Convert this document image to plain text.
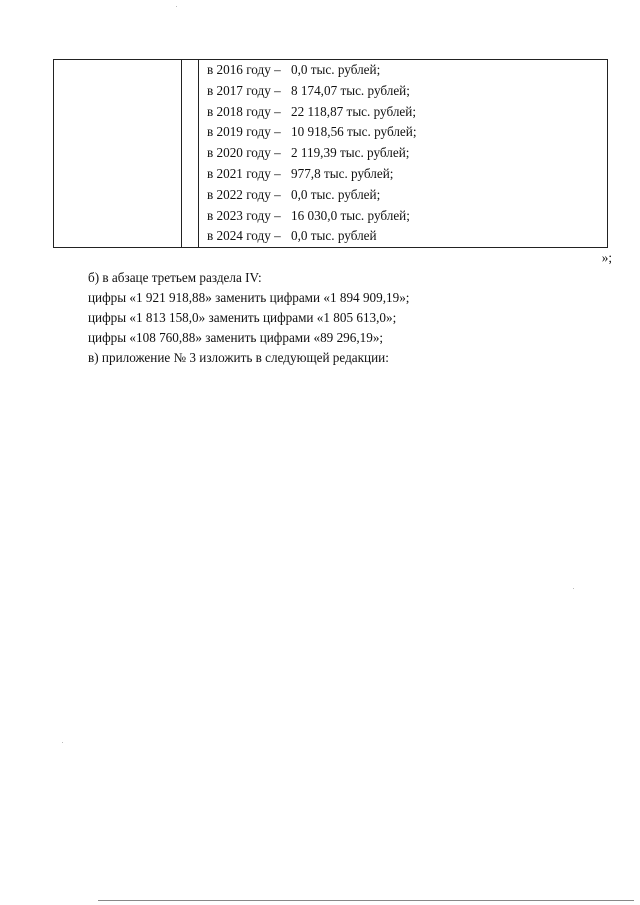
в 2016 году – 0,0 тыс. рублей;
в 2017 году – 8 174,07 тыс. рублей;
в 2018 году – 22 118,87 тыс. рублей;
в 2019 году – 10 918,56 тыс. рублей;
в 2020 году – 2 119,39 тыс. рублей;
в 2021 году – 977,8 тыс. рублей;
в 2022 году – 0,0 тыс. рублей;
в 2023 году – 16 030,0 тыс. рублей;
в 2024 году – 0,0 тыс. рублей
»;

б) в абзаце третьем раздела IV:

цифры «1 921 918,88» заменить цифрами «1 894 909,19»;

цифры «1 813 158,0» заменить цифрами «1 805 613,0»;

цифры «108 760,88» заменить цифрами «89 296,19»;

в) приложение № 3 изложить в следующей редакции:
